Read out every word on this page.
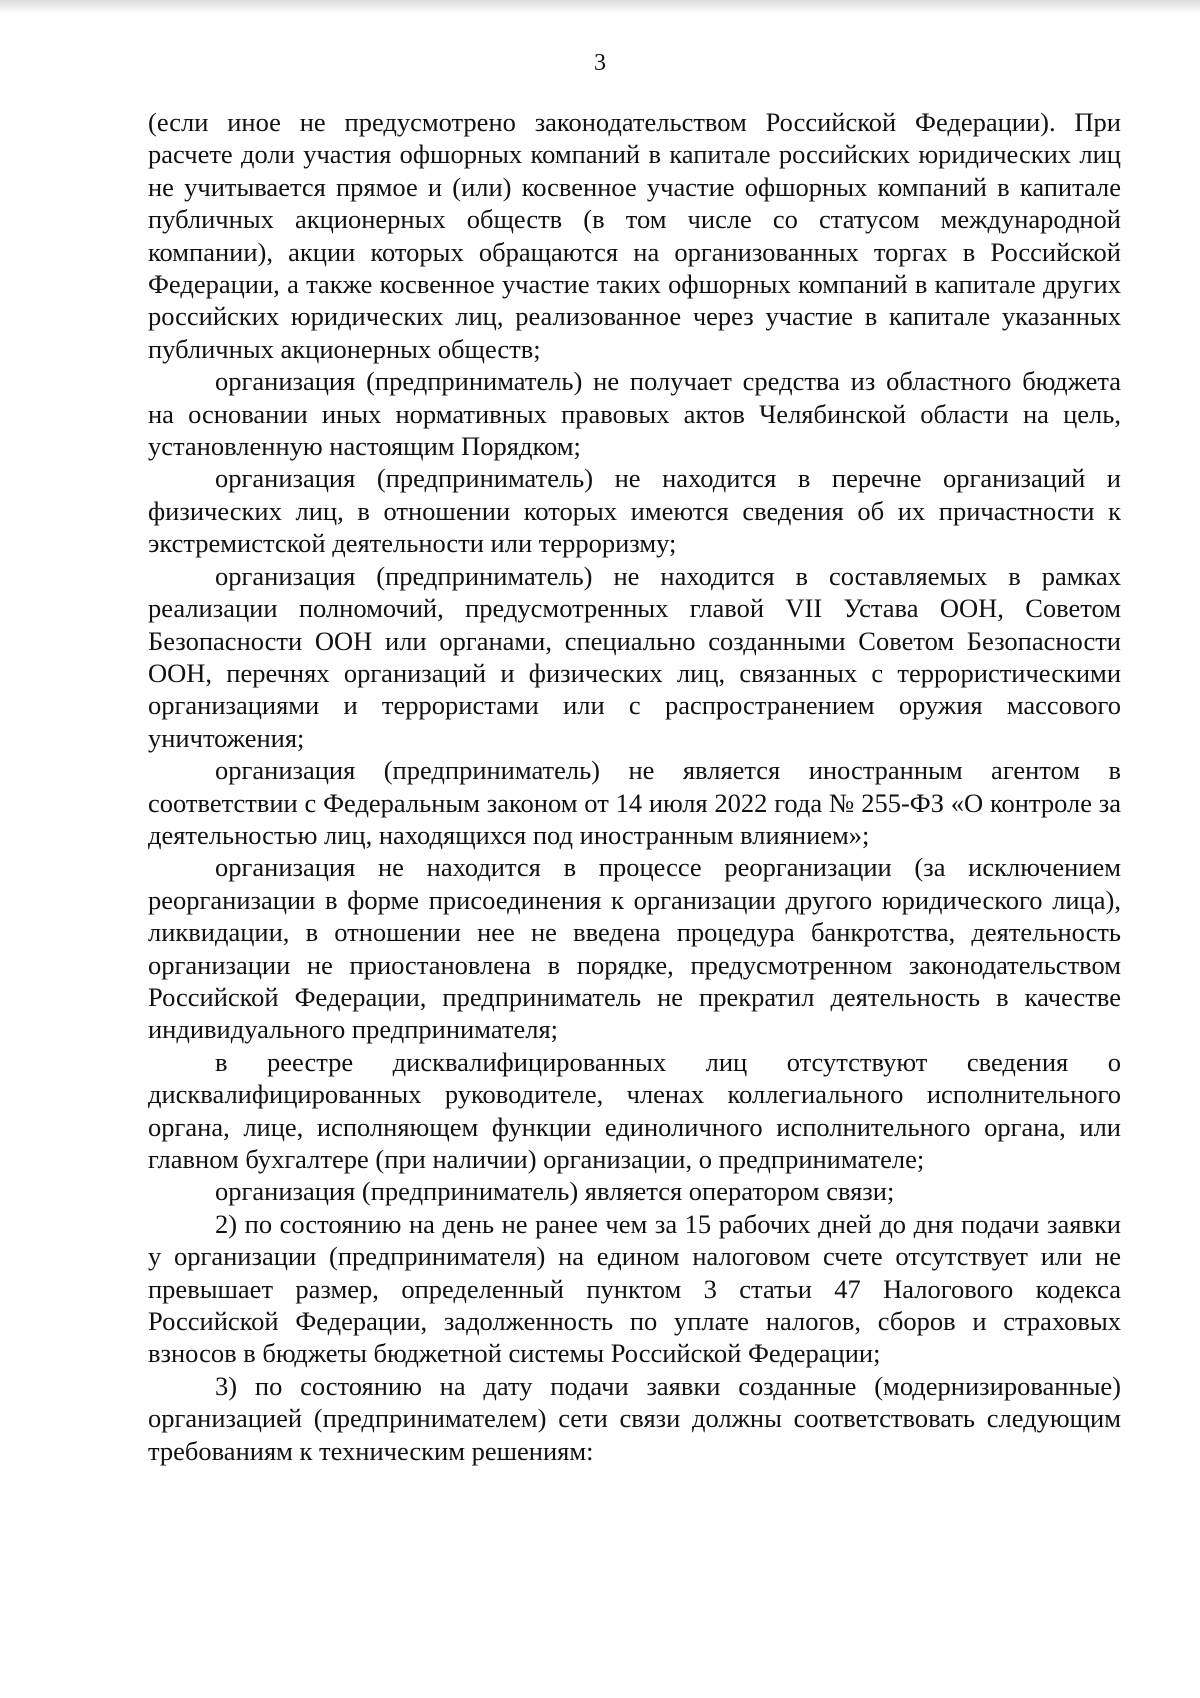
3

(если иное не предусмотрено законодательством Российской Федерации). При расчете доли участия офшорных компаний в капитале российских юридических лиц не учитывается прямое и (или) косвенное участие офшорных компаний в капитале публичных акционерных обществ (в том числе со статусом международной компании), акции которых обращаются на организованных торгах в Российской Федерации, а также косвенное участие таких офшорных компаний в капитале других российских юридических лиц, реализованное через участие в капитале указанных публичных акционерных обществ;

организация (предприниматель) не получает средства из областного бюджета на основании иных нормативных правовых актов Челябинской области на цель, установленную настоящим Порядком;

организация (предприниматель) не находится в перечне организаций и физических лиц, в отношении которых имеются сведения об их причастности к экстремистской деятельности или терроризму;

организация (предприниматель) не находится в составляемых в рамках реализации полномочий, предусмотренных главой VII Устава ООН, Советом Безопасности ООН или органами, специально созданными Советом Безопасности ООН, перечнях организаций и физических лиц, связанных с террористическими организациями и террористами или с распространением оружия массового уничтожения;

организация (предприниматель) не является иностранным агентом в соответствии с Федеральным законом от 14 июля 2022 года № 255-ФЗ «О контроле за деятельностью лиц, находящихся под иностранным влиянием»;

организация не находится в процессе реорганизации (за исключением реорганизации в форме присоединения к организации другого юридического лица), ликвидации, в отношении нее не введена процедура банкротства, деятельность организации не приостановлена в порядке, предусмотренном законодательством Российской Федерации, предприниматель не прекратил деятельность в качестве индивидуального предпринимателя;

в реестре дисквалифицированных лиц отсутствуют сведения о дисквалифицированных руководителе, членах коллегиального исполнительного органа, лице, исполняющем функции единоличного исполнительного органа, или главном бухгалтере (при наличии) организации, о предпринимателе;

организация (предприниматель) является оператором связи;

2) по состоянию на день не ранее чем за 15 рабочих дней до дня подачи заявки у организации (предпринимателя) на едином налоговом счете отсутствует или не превышает размер, определенный пунктом 3 статьи 47 Налогового кодекса Российской Федерации, задолженность по уплате налогов, сборов и страховых взносов в бюджеты бюджетной системы Российской Федерации;

3) по состоянию на дату подачи заявки созданные (модернизированные) организацией (предпринимателем) сети связи должны соответствовать следующим требованиям к техническим решениям:
